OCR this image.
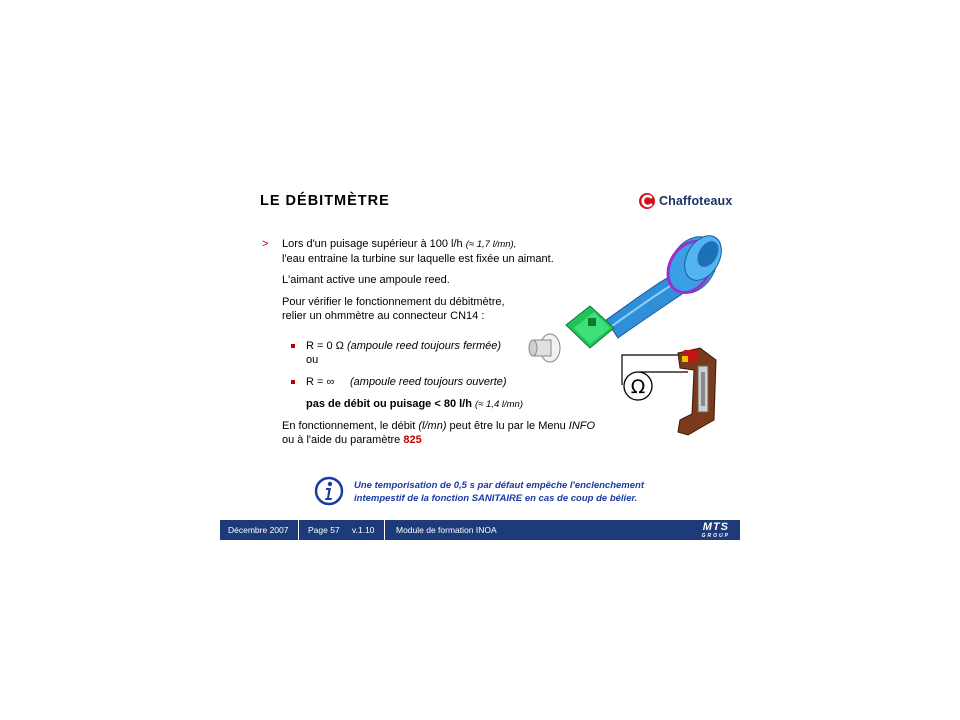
LE DÉBITMÈTRE	Chaffoteaux
> Lors d'un puisage supérieur à 100 l/h (≈ 1,7 l/mn),
l'eau entraine la turbine sur laquelle est fixée un aimant.
L'aimant active une ampoule reed.
Pour vérifier le fonctionnement du débitmètre,
relier un ohmmètre au connecteur CN14 :
R = 0 Ω (ampoule reed toujours fermée)
ou
R = ∞ (ampoule reed toujours ouverte)
pas de débit ou puisage < 80 l/h (≈ 1,4 l/mn)
En fonctionnement, le débit (l/mn) peut être lu par le Menu INFO
ou à l'aide du paramètre 825
Ω
Une temporisation de 0,5 s par défaut empêche l'enclenchement
intempestif de la fonction SANITAIRE en cas de coup de bélier.
Décembre 2007 Page 57 v.1.10	Module de formation INOA	MTS
GROUP
